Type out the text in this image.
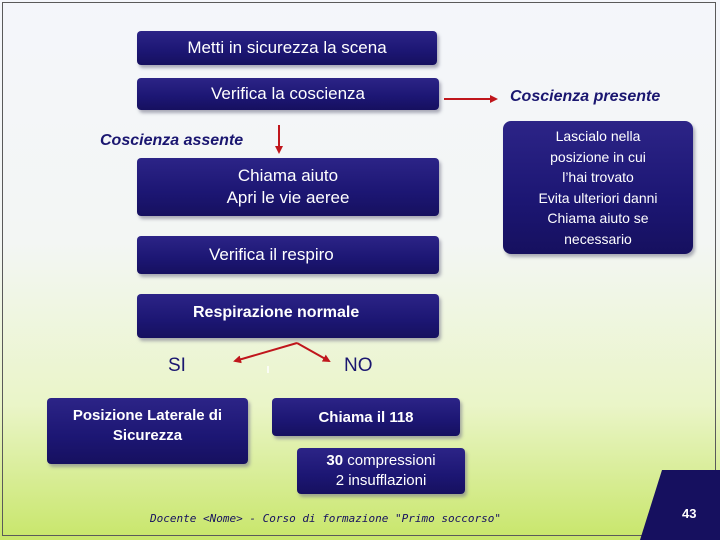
Metti in sicurezza la scena
Verifica la coscienza
Chiama aiuto
Apri le vie aeree
Verifica il respiro
Respirazione normale
Lascialo nella
posizione in cui
l’hai trovato
Evita ulteriori danni
Chiama aiuto se
necessario
Posizione Laterale di Sicurezza
Chiama il 118
30 compressioni
2 insufflazioni
Coscienza presente
Coscienza assente
SI	NO
Docente <Nome> - Corso di formazione "Primo soccorso"	43
